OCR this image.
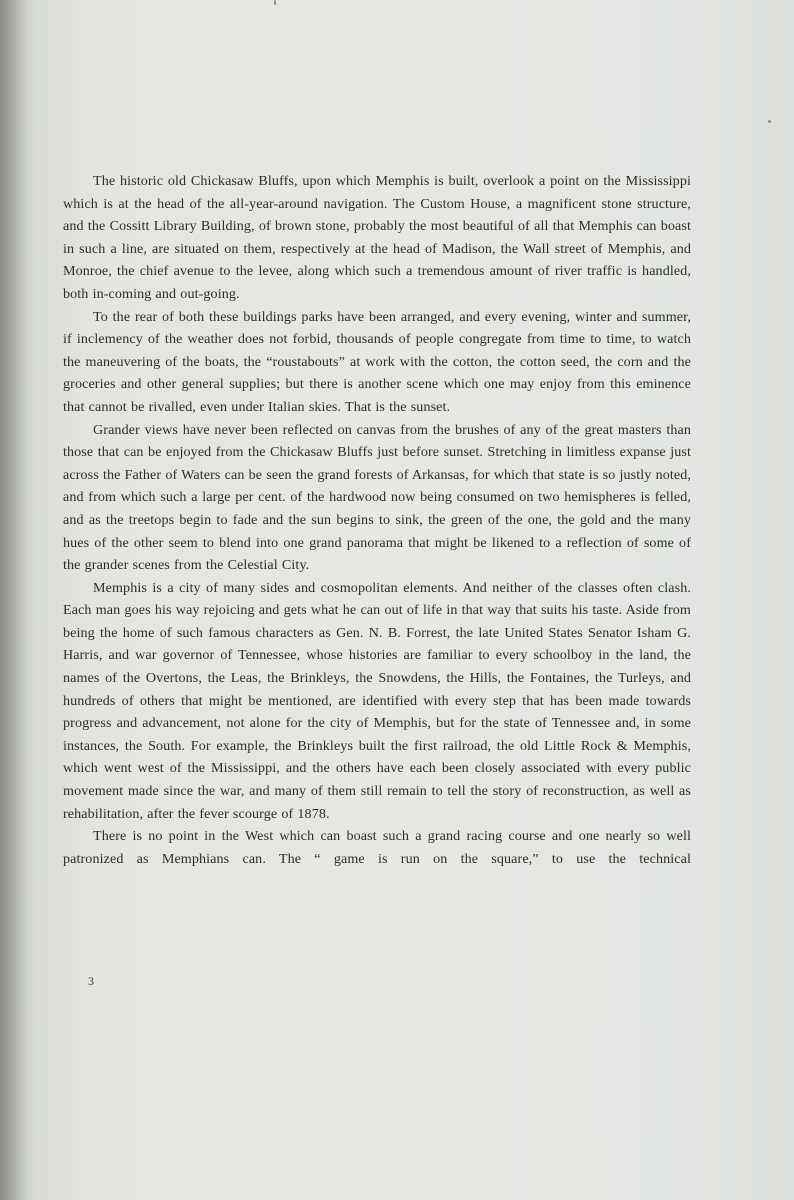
The historic old Chickasaw Bluffs, upon which Memphis is built, overlook a point on the Mississippi which is at the head of the all-year-around navigation. The Custom House, a magnificent stone structure, and the Cossitt Library Building, of brown stone, probably the most beautiful of all that Memphis can boast in such a line, are situated on them, respectively at the head of Madison, the Wall street of Memphis, and Monroe, the chief avenue to the levee, along which such a tremendous amount of river traffic is handled, both in-coming and out-going.

To the rear of both these buildings parks have been arranged, and every evening, winter and summer, if inclemency of the weather does not forbid, thousands of people congregate from time to time, to watch the maneuvering of the boats, the “roustabouts” at work with the cotton, the cotton seed, the corn and the groceries and other general supplies; but there is another scene which one may enjoy from this eminence that cannot be rivalled, even under Italian skies. That is the sunset.

Grander views have never been reflected on canvas from the brushes of any of the great masters than those that can be enjoyed from the Chickasaw Bluffs just before sunset. Stretching in limitless expanse just across the Father of Waters can be seen the grand forests of Arkansas, for which that state is so justly noted, and from which such a large per cent. of the hardwood now being consumed on two hemispheres is felled, and as the treetops begin to fade and the sun begins to sink, the green of the one, the gold and the many hues of the other seem to blend into one grand panorama that might be likened to a reflection of some of the grander scenes from the Celestial City.

Memphis is a city of many sides and cosmopolitan elements. And neither of the classes often clash. Each man goes his way rejoicing and gets what he can out of life in that way that suits his taste. Aside from being the home of such famous characters as Gen. N. B. Forrest, the late United States Senator Isham G. Harris, and war governor of Tennessee, whose histories are familiar to every schoolboy in the land, the names of the Overtons, the Leas, the Brinkleys, the Snowdens, the Hills, the Fontaines, the Turleys, and hundreds of others that might be mentioned, are identified with every step that has been made towards progress and advancement, not alone for the city of Memphis, but for the state of Tennessee and, in some instances, the South. For example, the Brinkleys built the first railroad, the old Little Rock & Memphis, which went west of the Mississippi, and the others have each been closely associated with every public movement made since the war, and many of them still remain to tell the story of reconstruction, as well as rehabilitation, after the fever scourge of 1878.

There is no point in the West which can boast such a grand racing course and one nearly so well patronized as Memphians can. The “ game is run on the square,” to use the technical

3
